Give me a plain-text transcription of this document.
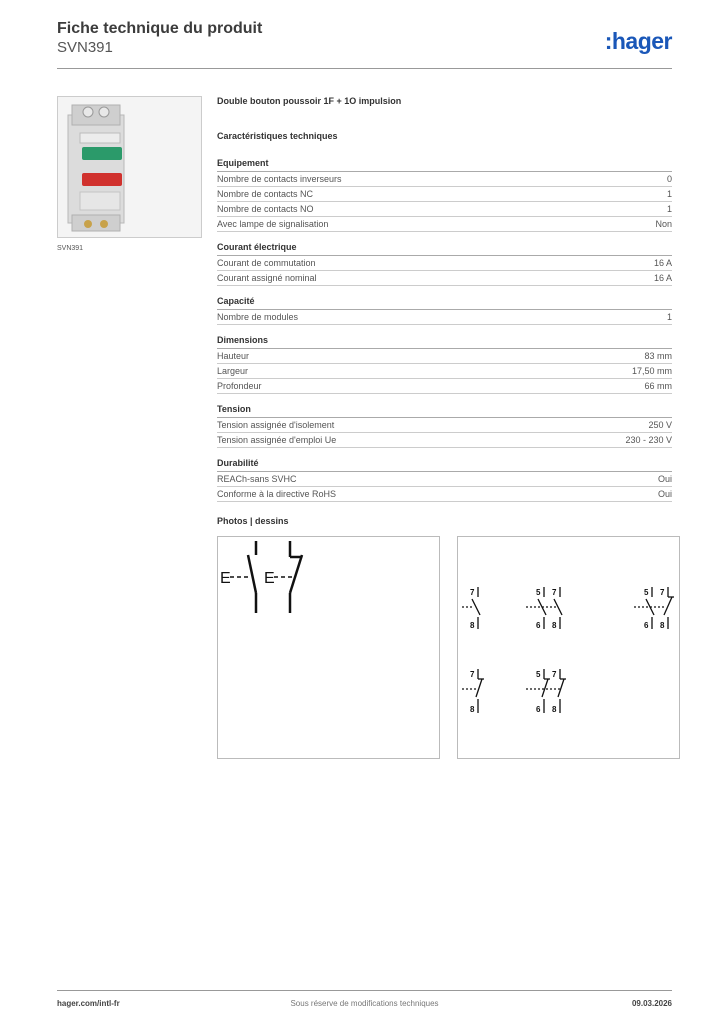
Fiche technique du produit
SVN391	:hager
SVN391
Double bouton poussoir 1F + 1O impulsion
Caractéristiques techniques
Equipement
Nombre de contacts inverseurs	0
Nombre de contacts NC	1
Nombre de contacts NO	1
Avec lampe de signalisation	Non
Courant électrique
Courant de commutation	16 A
Courant assigné nominal	16 A
Capacité
Nombre de modules	1
Dimensions
Hauteur	83 mm
Largeur	17,50 mm
Profondeur	66 mm
Tension
Tension assignée d'isolement	250 V
Tension assignée d'emploi Ue	230 - 230 V
Durabilité
REACh-sans SVHC	Oui
Conforme à la directive RoHS	Oui
Photos | dessins
E E
7
8
5 7
6 8
5 7
6 8
7
8
5 7
6 8
hager.com/intl-fr	Sous réserve de modifications techniques	09.03.2026
